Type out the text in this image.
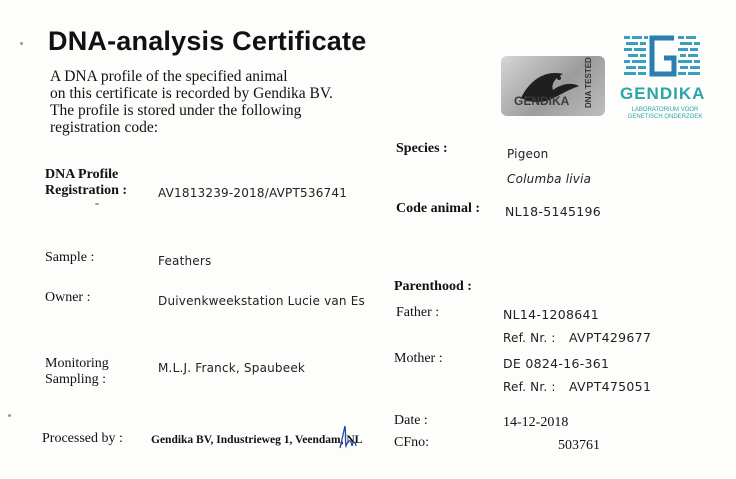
DNA-analysis Certificate
A DNA profile of the specified animal
on this certificate is recorded by Gendika BV.
The profile is stored under the following
registration code:
GENDIKA DNA TESTED GENDIKA
LABORATORIUM VOOR GENETISCH ONDERZOEK
DNA Profile
Registration :	AV1813239-2018/AVPT536741
Sample :	Feathers
Owner :	Duivenkweekstation Lucie van Es
Monitoring
Sampling :
M.L.J. Franck, Spaubeek
Processed by : Gendika BV, Industrieweg 1, Veendam, NL
Species :	Pigeon
Columba livia
Code animal : NL18-5145196
Parenthood :
Father :	NL14-1208641
Ref. Nr. : AVPT429677
Mother :	DE 0824-16-361
Ref. Nr. : AVPT475051
Date :	14-12-2018
CFno:	503761
